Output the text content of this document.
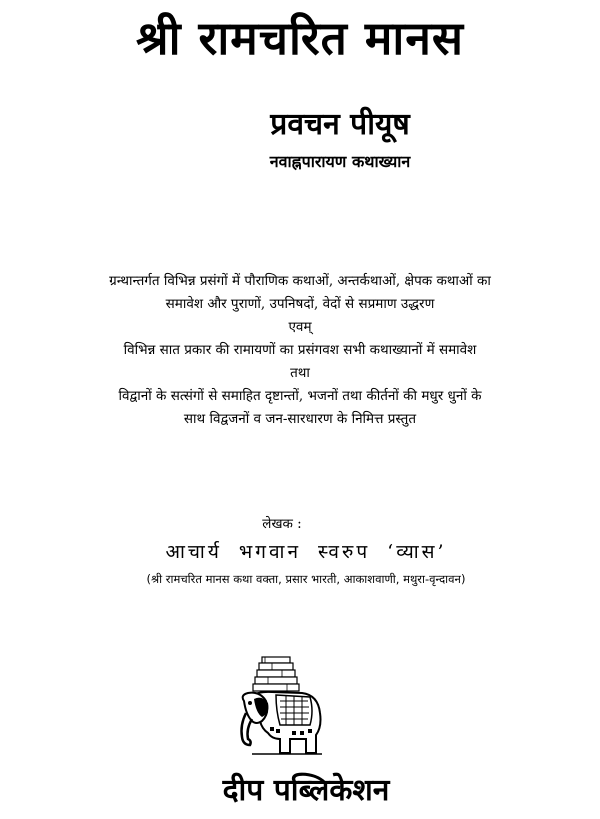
श्री रामचरित मानस
प्रवचन पीयूष
नवाह्नपारायण कथाख्यान
ग्रन्थान्तर्गत विभिन्न प्रसंगों में पौराणिक कथाओं, अन्तर्कथाओं, क्षेपक कथाओं का
समावेश और पुराणों, उपनिषदों, वेदों से सप्रमाण उद्धरण
एवम्
विभिन्न सात प्रकार की रामायणों का प्रसंगवश सभी कथाख्यानों में समावेश
तथा
विद्वानों के सत्संगों से समाहित दृष्टान्तों, भजनों तथा कीर्तनों की मधुर धुनों के
साथ विद्वजनों व जन-सारधारण के निमित्त प्रस्तुत
लेखक :
आचार्य भगवान स्वरुप ‘व्यास’
(श्री रामचरित मानस कथा वक्ता, प्रसार भारती, आकाशवाणी, मथुरा-वृन्दावन)
दीप पब्लिकेशन
